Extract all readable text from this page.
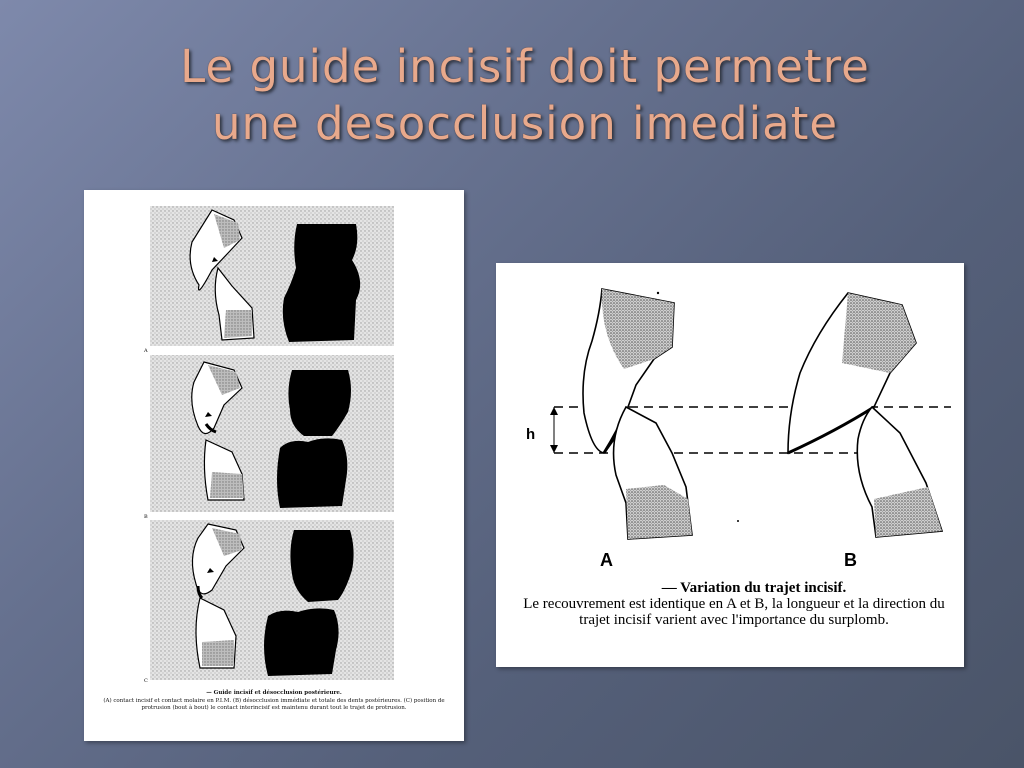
Le guide incisif doit permetre
une desocclusion imediate
A
B
C
— Guide incisif et désocclusion postérieure.
(A) contact incisif et contact molaire en P.I.M. (B) désocclusion immédiate et totale des dents postérieures. (C) position de protrusion (bout à bout) le contact interincisif est maintenu durant tout le trajet de protrusion.
h
A	B
— Variation du trajet incisif.
Le recouvrement est identique en A et B, la longueur et la direction du trajet incisif varient avec l'importance du surplomb.
